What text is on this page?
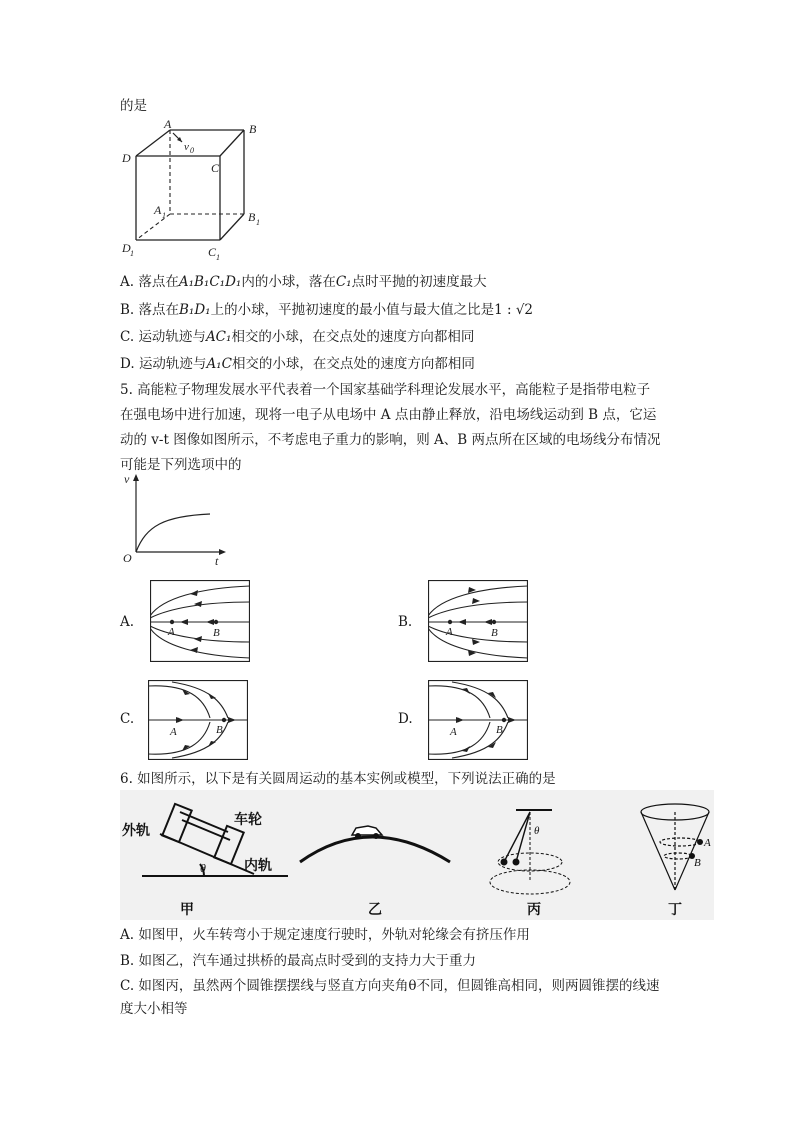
的是
A	B
C
D
A 1	B 1
C 1
D 1
v 0
A. 落点在A₁B₁C₁D₁内的小球，落在C₁点时平抛的初速度最大
B. 落点在B₁D₁上的小球，平抛初速度的最小值与最大值之比是1 : √2
C. 运动轨迹与AC₁相交的小球，在交点处的速度方向都相同
D. 运动轨迹与A₁C相交的小球，在交点处的速度方向都相同
5. 高能粒子物理发展水平代表着一个国家基础学科理论发展水平，高能粒子是指带电粒子
在强电场中进行加速，现将一电子从电场中 A 点由静止释放，沿电场线运动到 B 点，它运
动的 v-t 图像如图所示，不考虑电子重力的影响，则 A、B 两点所在区域的电场线分布情况
可能是下列选项中的
v
O	t
A.
A	B
B.
A	B
C.
A	B
D.
A	B
6. 如图所示，以下是有关圆周运动的基本实例或模型，下列说法正确的是
外轨
车轮
内轨
甲	乙	丙	丁
θ
θ
A
B
A. 如图甲，火车转弯小于规定速度行驶时，外轨对轮缘会有挤压作用
B. 如图乙，汽车通过拱桥的最高点时受到的支持力大于重力
C. 如图丙，虽然两个圆锥摆摆线与竖直方向夹角θ不同，但圆锥高相同，则两圆锥摆的线速
度大小相等
